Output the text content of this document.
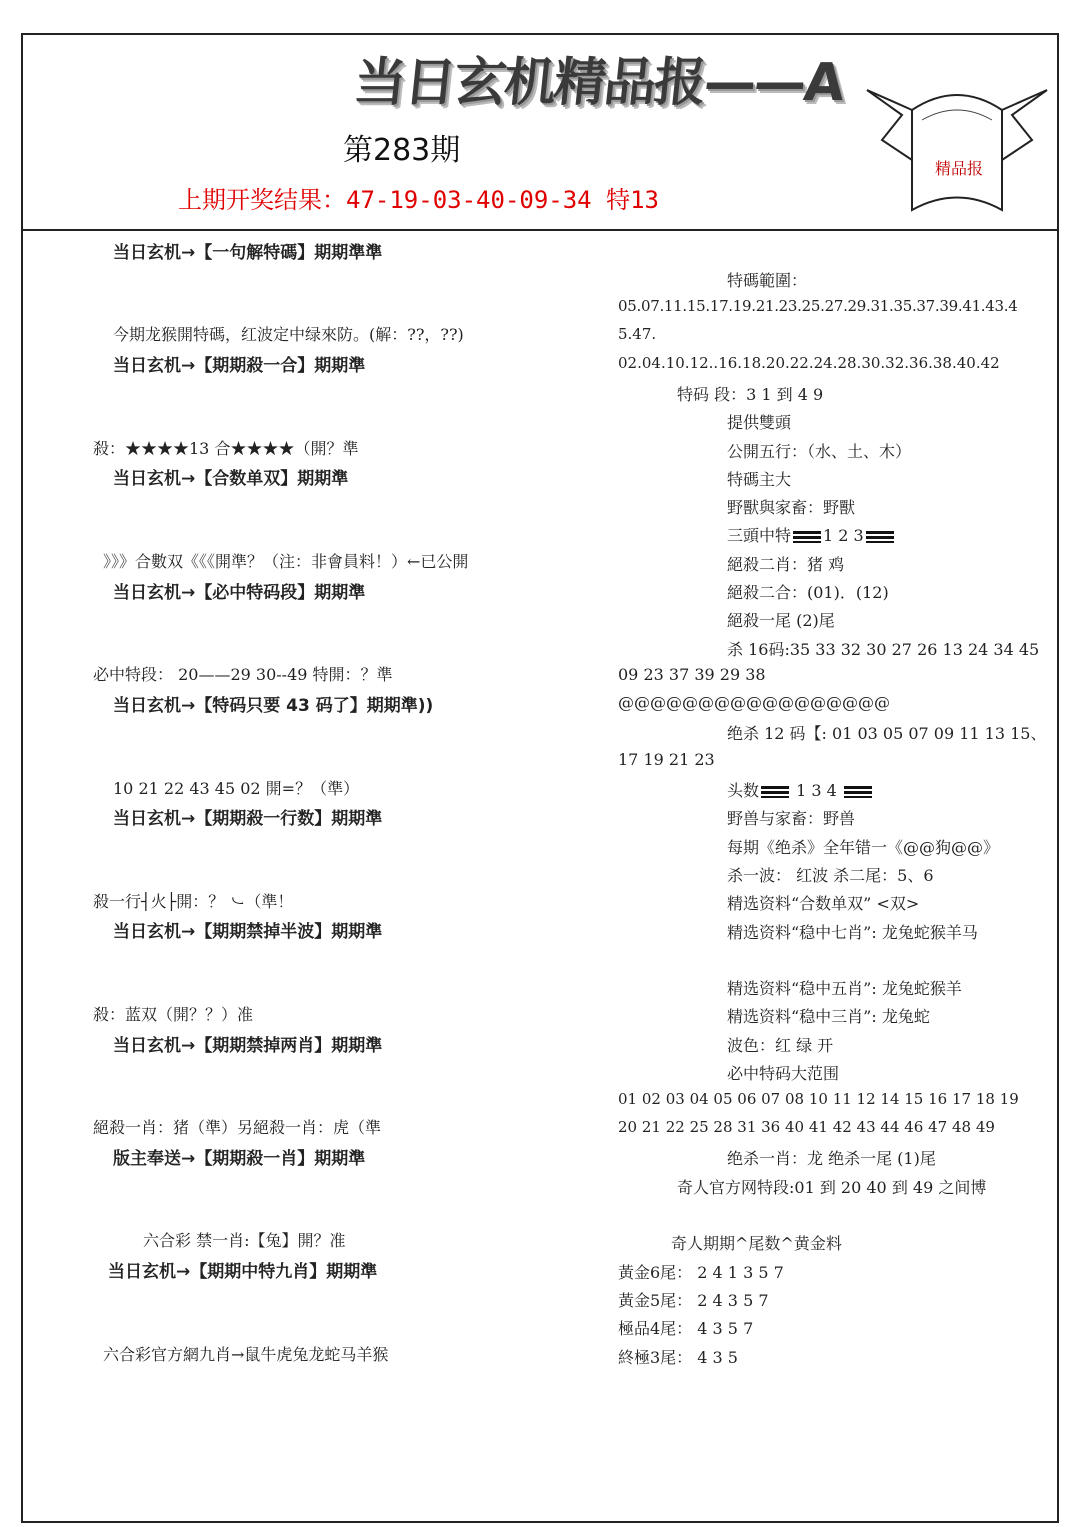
当日玄机精品报——A
第283期
上期开奖结果：47-19-03-40-09-34 特13
精品报
当日玄机→【一句解特碼】期期準準
今期龙猴開特碼，红波定中绿來防。(解：??，??)
当日玄机→【期期殺一合】期期準
殺：★★★★13 合★★★★（開？準
当日玄机→【合数单双】期期準
》》》合數双《《《開準？（注：非會員料！）←已公開
当日玄机→【必中特码段】期期準
必中特段： 20——29 30--49 特開：？準
当日玄机→【特码只要 43 码了】期期準))
10 21 22 43 45 02 開=？（準）
当日玄机→【期期殺一行数】期期準
殺一行┤火├開：？ ㇃（準！
当日玄机→【期期禁掉半波】期期準
殺：蓝双（開？？）准
当日玄机→【期期禁掉两肖】期期準
絕殺一肖：猪（準）另絕殺一肖：虎（準
版主奉送→【期期殺一肖】期期準
六合彩 禁一肖:【兔】開？准
当日玄机→【期期中特九肖】期期準
六合彩官方網九肖→鼠牛虎兔龙蛇马羊猴
特碼範圍：
05.07.11.15.17.19.21.23.25.27.29.31.35.37.39.41.43.4
5.47.
02.04.10.12..16.18.20.22.24.28.30.32.36.38.40.42
特码 段：3 1 到 4 9
提供雙頭
公開五行：（水、土、木）
特碼主大
野獸與家畜：野獸
三頭中特 1 2 3
絕殺二肖：猪 鸡
絕殺二合：(01)．(12)
絕殺一尾 (2)尾
杀 16码:35 33 32 30 27 26 13 24 34 45
09 23 37 39 29 38
@@@@@@@@@@@@@@@@@
绝杀 12 码【: 01 03 05 07 09 11 13 15、
17 19 21 23
头数 1 3 4
野兽与家畜：野兽
每期《绝杀》全年错一《@@狗@@》
杀一波： 红波 杀二尾：5、6
精选资料“合数单双” <双>
精选资料“稳中七肖”: 龙兔蛇猴羊马
精选资料“稳中五肖”: 龙兔蛇猴羊
精选资料“稳中三肖”: 龙兔蛇
波色：红 绿 开
必中特码大范围
01 02 03 04 05 06 07 08 10 11 12 14 15 16 17 18 19
20 21 22 25 28 31 36 40 41 42 43 44 46 47 48 49
绝杀一肖：龙 绝杀一尾 (1)尾
奇人官方网特段:01 到 20 40 到 49 之间博
奇人期期^尾数^黄金料
黃金6尾： 2 4 1 3 5 7
黃金5尾： 2 4 3 5 7
極品4尾： 4 3 5 7
終極3尾： 4 3 5
